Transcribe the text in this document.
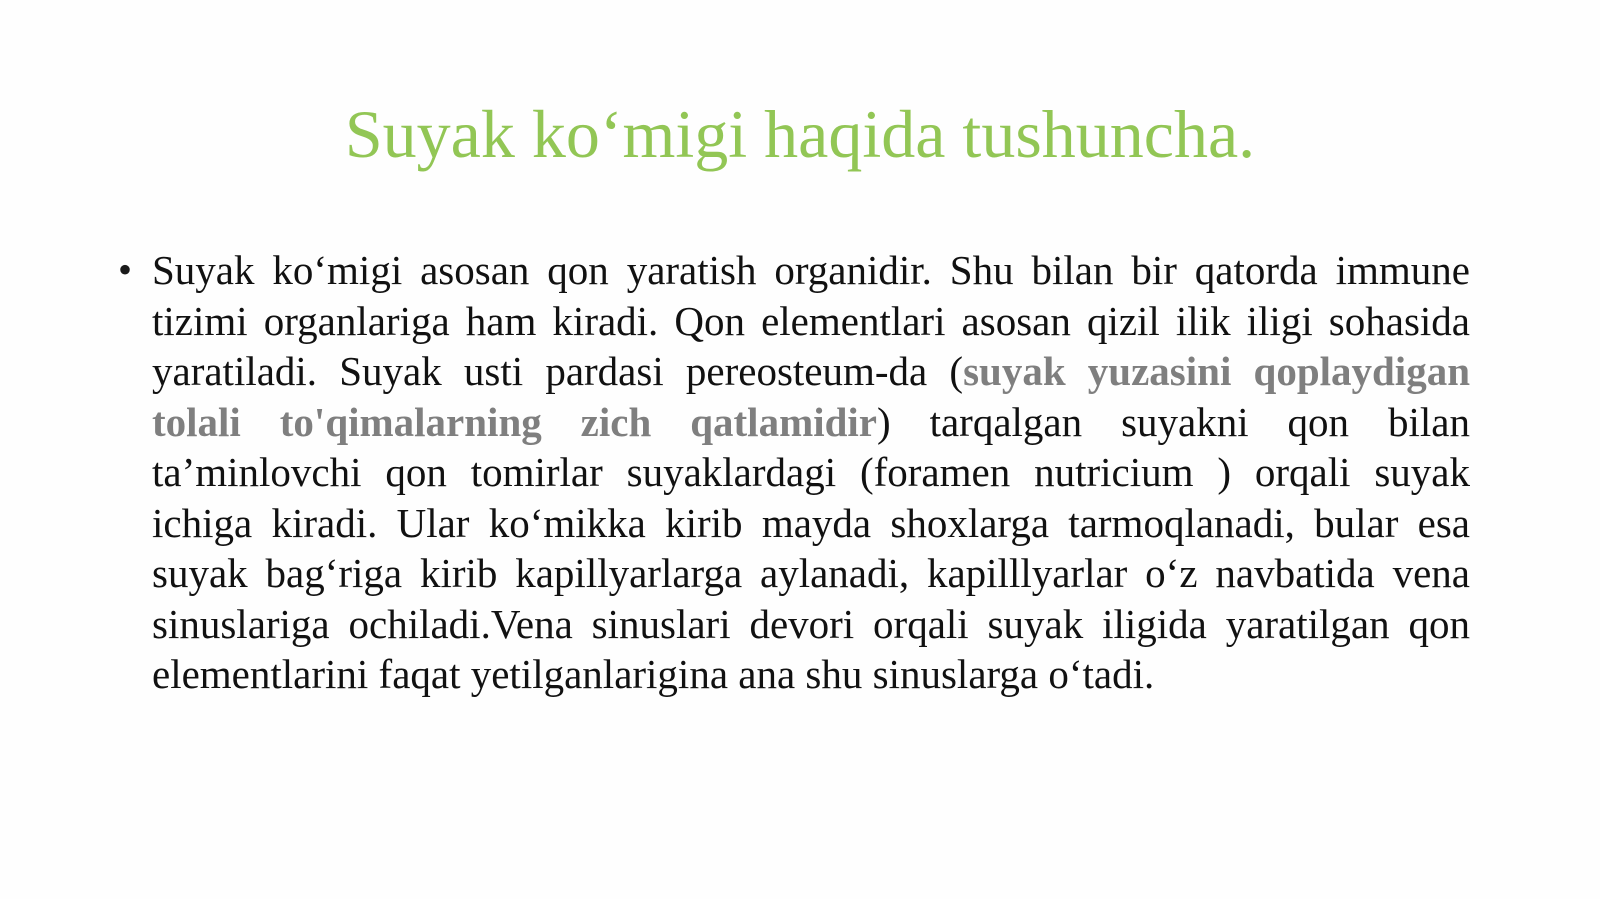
Suyak ko‘migi haqida tushuncha.
• Suyak ko‘migi asosan qon yaratish organidir. Shu bilan bir qatorda immune tizimi organlariga ham kiradi. Qon elementlari asosan qizil ilik iligi sohasida yaratiladi. Suyak usti pardasi pereosteum-da (suyak yuzasini qoplaydigan tolali to'qimalarning zich qatlamidir) tarqalgan suyakni qon bilan ta’minlovchi qon tomirlar suyaklardagi (foramen nutricium ) orqali suyak ichiga kiradi. Ular ko‘mikka kirib mayda shoxlarga tarmoqlanadi, bular esa suyak bag‘riga kirib kapillyarlarga aylanadi, kapilllyarlar o‘z navbatida vena sinuslariga ochiladi.Vena sinuslari devori orqali suyak iligida yaratilgan qon elementlarini faqat yetilganlariginа ana shu sinuslarga o‘tadi.
